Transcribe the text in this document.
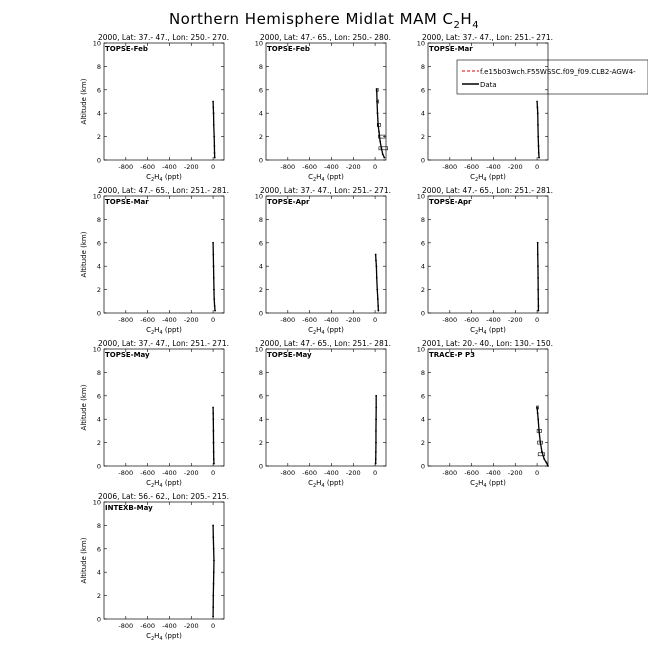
Northern Hemisphere Midlat MAM $C_2H_4$
2000, Lat: 37.- 47., Lon: 250.- 270.
TOPSE-Feb
0
2
4
6
8
10
-800 -600 -400 -200 0
$C_2H_4$ (ppt)
Altitude (km)
2000, Lat: 47.- 65., Lon: 250.- 280.
TOPSE-Feb
0
2
4
6
8
10
-800 -600 -400 -200 0
$C_2H_4$ (ppt)
2000, Lat: 37.- 47., Lon: 251.- 271.
TOPSE-Mar
0
2
4
6
8
10
-800 -600 -400 -200 0
$C_2H_4$ (ppt)
2000, Lat: 47.- 65., Lon: 251.- 281.
TOPSE-Mar
0
2
4
6
8
10
-800 -600 -400 -200 0
$C_2H_4$ (ppt)
Altitude (km)
2000, Lat: 37.- 47., Lon: 251.- 271.
TOPSE-Apr
0
2
4
6
8
10
-800 -600 -400 -200 0
$C_2H_4$ (ppt)
2000, Lat: 47.- 65., Lon: 251.- 281.
TOPSE-Apr
0
2
4
6
8
10
-800 -600 -400 -200 0
$C_2H_4$ (ppt)
2000, Lat: 37.- 47., Lon: 251.- 271.
TOPSE-May
0
2
4
6
8
10
-800 -600 -400 -200 0
$C_2H_4$ (ppt)
Altitude (km)
2000, Lat: 47.- 65., Lon: 251.- 281.
TOPSE-May
0
2
4
6
8
10
-800 -600 -400 -200 0
$C_2H_4$ (ppt)
2001, Lat: 20.- 40., Lon: 130.- 150.
TRACE-P P3
0
2
4
6
8
10
-800 -600 -400 -200 0
$C_2H_4$ (ppt)
2006, Lat: 56.- 62., Lon: 205.- 215.
INTEXB-May
0
2
4
6
8
10
-800 -600 -400 -200 0
$C_2H_4$ (ppt)
Altitude (km)
f.e15b03wch.F55WSSC.f09_f09.CLB2-AGW4-
Data
